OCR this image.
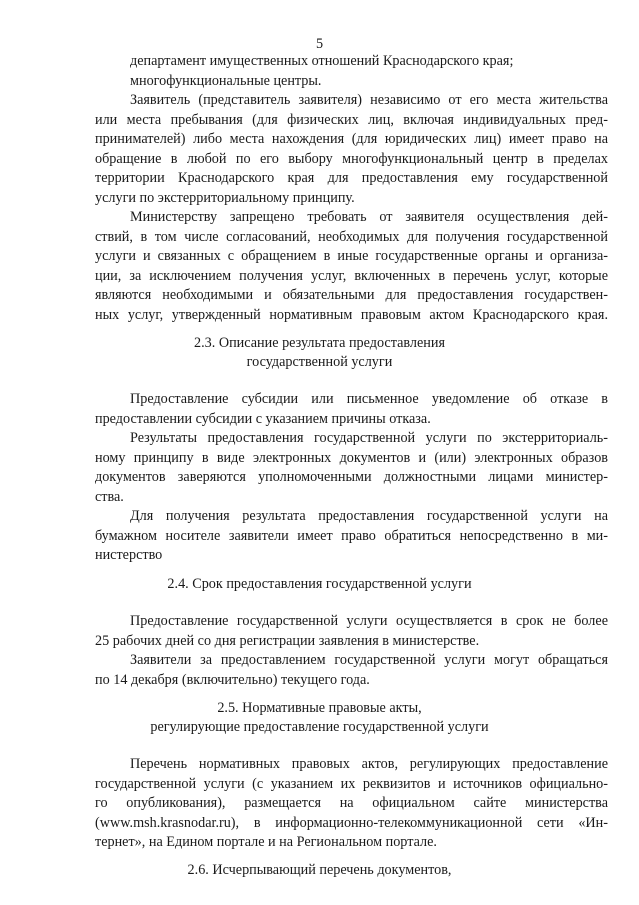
5
департамент имущественных отношений Краснодарского края;
многофункциональные центры.
Заявитель (представитель заявителя) независимо от его места жительства
или места пребывания (для физических лиц, включая индивидуальных пред-
принимателей) либо места нахождения (для юридических лиц) имеет право на
обращение в любой по его выбору многофункциональный центр в пределах
территории Краснодарского края для предоставления ему государственной
услуги по экстерриториальному принципу.
Министерству запрещено требовать от заявителя осуществления дей-
ствий, в том числе согласований, необходимых для получения государственной
услуги и связанных с обращением в иные государственные органы и организа-
ции, за исключением получения услуг, включенных в перечень услуг, которые
являются необходимыми и обязательными для предоставления государствен-
ных услуг, утвержденный нормативным правовым актом Краснодарского края.
2.3. Описание результата предоставления
государственной услуги
Предоставление субсидии или письменное уведомление об отказе в
предоставлении субсидии с указанием причины отказа.
Результаты предоставления государственной услуги по экстерриториаль-
ному принципу в виде электронных документов и (или) электронных образов
документов заверяются уполномоченными должностными лицами министер-
ства.
Для получения результата предоставления государственной услуги на
бумажном носителе заявители имеет право обратиться непосредственно в ми-
нистерство
2.4. Срок предоставления государственной услуги
Предоставление государственной услуги осуществляется в срок не более
25 рабочих дней со дня регистрации заявления в министерстве.
Заявители за предоставлением государственной услуги могут обращаться
по 14 декабря (включительно) текущего года.
2.5. Нормативные правовые акты,
регулирующие предоставление государственной услуги
Перечень нормативных правовых актов, регулирующих предоставление
государственной услуги (с указанием их реквизитов и источников официально-
го опубликования), размещается на официальном сайте министерства
(www.msh.krasnodar.ru), в информационно-телекоммуникационной сети «Ин-
тернет», на Едином портале и на Региональном портале.
2.6. Исчерпывающий перечень документов,
